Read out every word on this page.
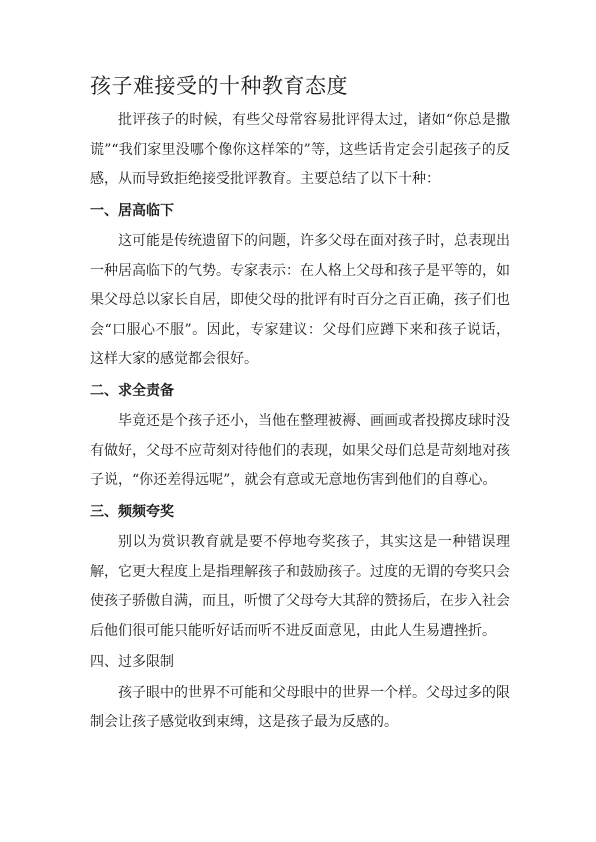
孩子难接受的十种教育态度

批评孩子的时候，有些父母常容易批评得太过，诸如“你总是撒谎”“我们家里没哪个像你这样笨的”等，这些话肯定会引起孩子的反感，从而导致拒绝接受批评教育。主要总结了以下十种：

一、居高临下

这可能是传统遗留下的问题，许多父母在面对孩子时，总表现出一种居高临下的气势。专家表示：在人格上父母和孩子是平等的，如果父母总以家长自居，即使父母的批评有时百分之百正确，孩子们也会“口服心不服”。因此，专家建议：父母们应蹲下来和孩子说话，这样大家的感觉都会很好。

二、求全责备

毕竟还是个孩子还小，当他在整理被褥、画画或者投掷皮球时没有做好，父母不应苛刻对待他们的表现，如果父母们总是苛刻地对孩子说，“你还差得远呢”，就会有意或无意地伤害到他们的自尊心。

三、频频夸奖

别以为赏识教育就是要不停地夸奖孩子，其实这是一种错误理解，它更大程度上是指理解孩子和鼓励孩子。过度的无谓的夸奖只会使孩子骄傲自满，而且，听惯了父母夸大其辞的赞扬后，在步入社会后他们很可能只能听好话而听不进反面意见，由此人生易遭挫折。

四、过多限制

孩子眼中的世界不可能和父母眼中的世界一个样。父母过多的限制会让孩子感觉收到束缚，这是孩子最为反感的。
